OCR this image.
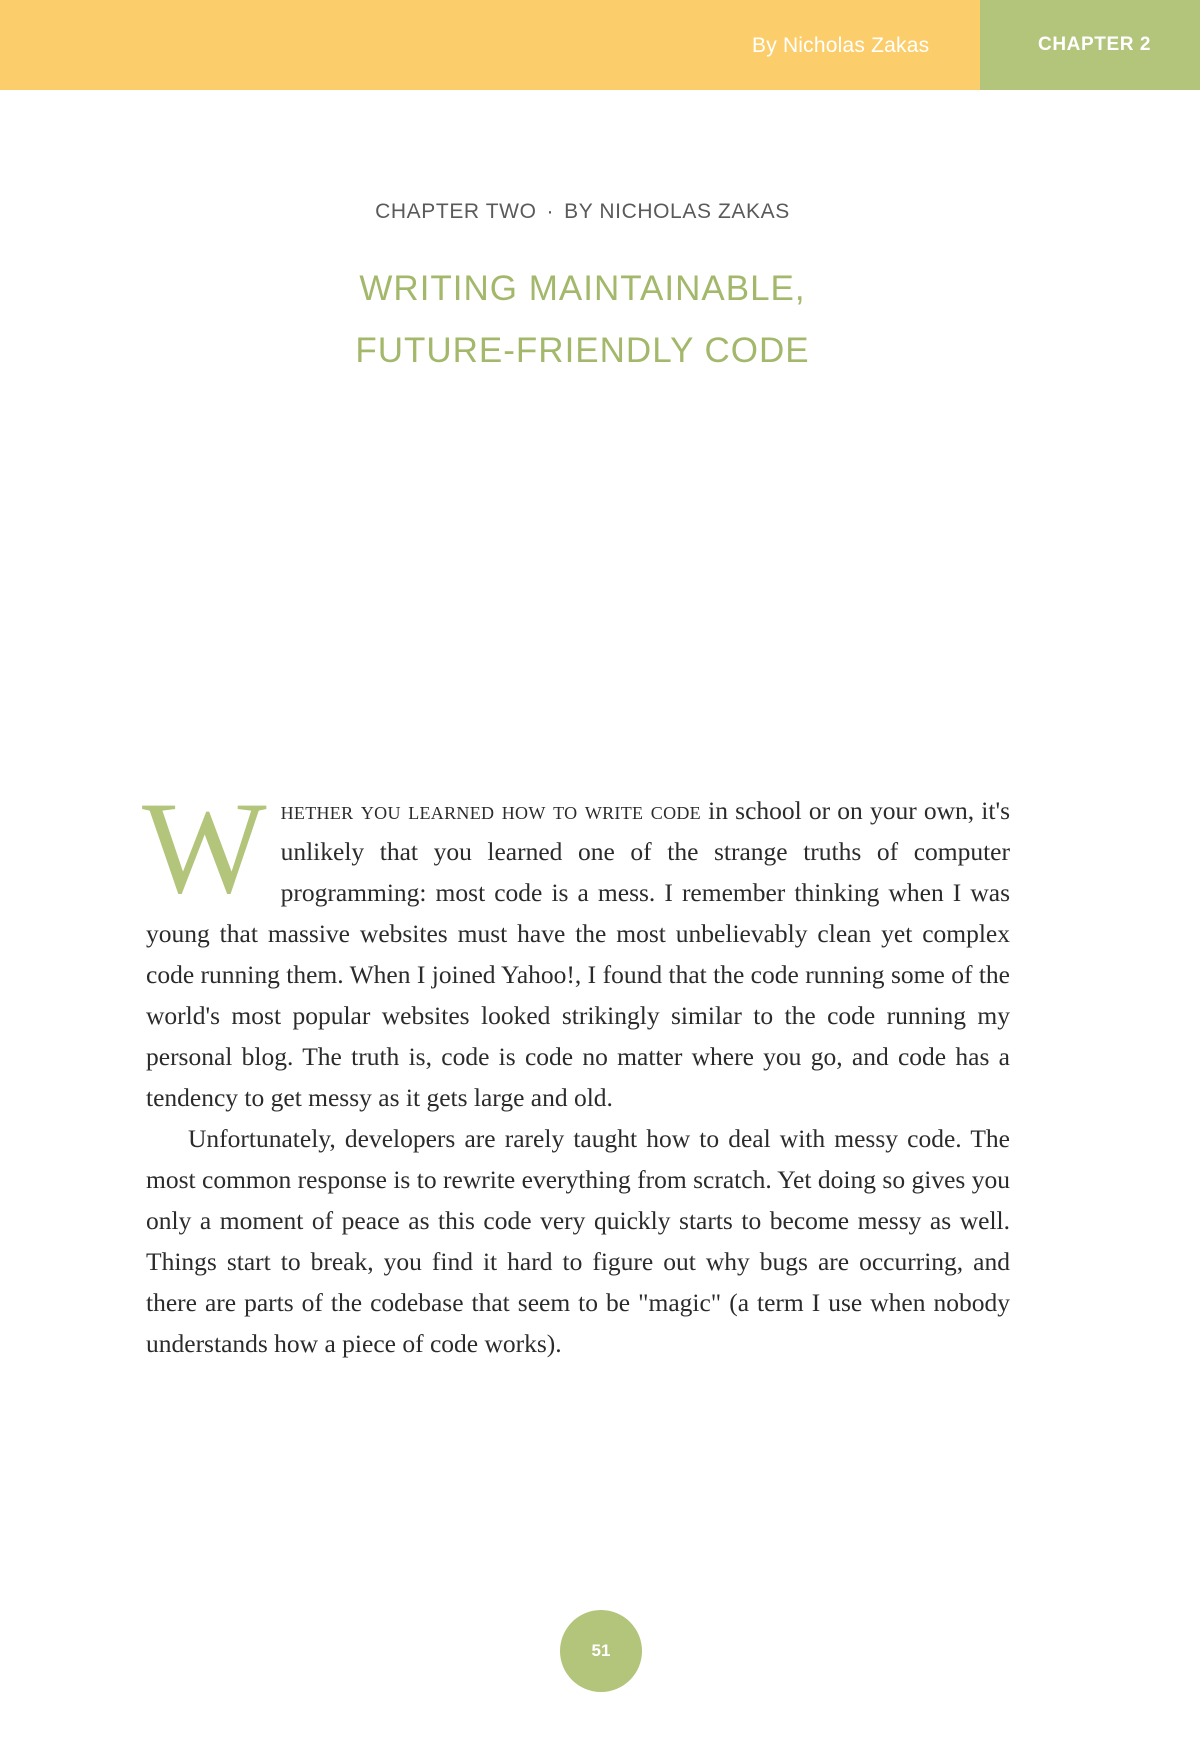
By Nicholas Zakas	CHAPTER 2
CHAPTER TWO · BY NICHOLAS ZAKAS
WRITING MAINTAINABLE,
FUTURE-FRIENDLY CODE

Whether you learned how to write code in school or on your own, it's unlikely that you learned one of the strange truths of computer programming: most code is a mess. I remember thinking when I was young that massive websites must have the most unbelievably clean yet complex code running them. When I joined Yahoo!, I found that the code running some of the world's most popular websites looked strikingly similar to the code running my personal blog. The truth is, code is code no matter where you go, and code has a tendency to get messy as it gets large and old.

Unfortunately, developers are rarely taught how to deal with messy code. The most common response is to rewrite everything from scratch. Yet doing so gives you only a moment of peace as this code very quickly starts to become messy as well. Things start to break, you find it hard to figure out why bugs are occurring, and there are parts of the codebase that seem to be "magic" (a term I use when nobody understands how a piece of code works).

51
